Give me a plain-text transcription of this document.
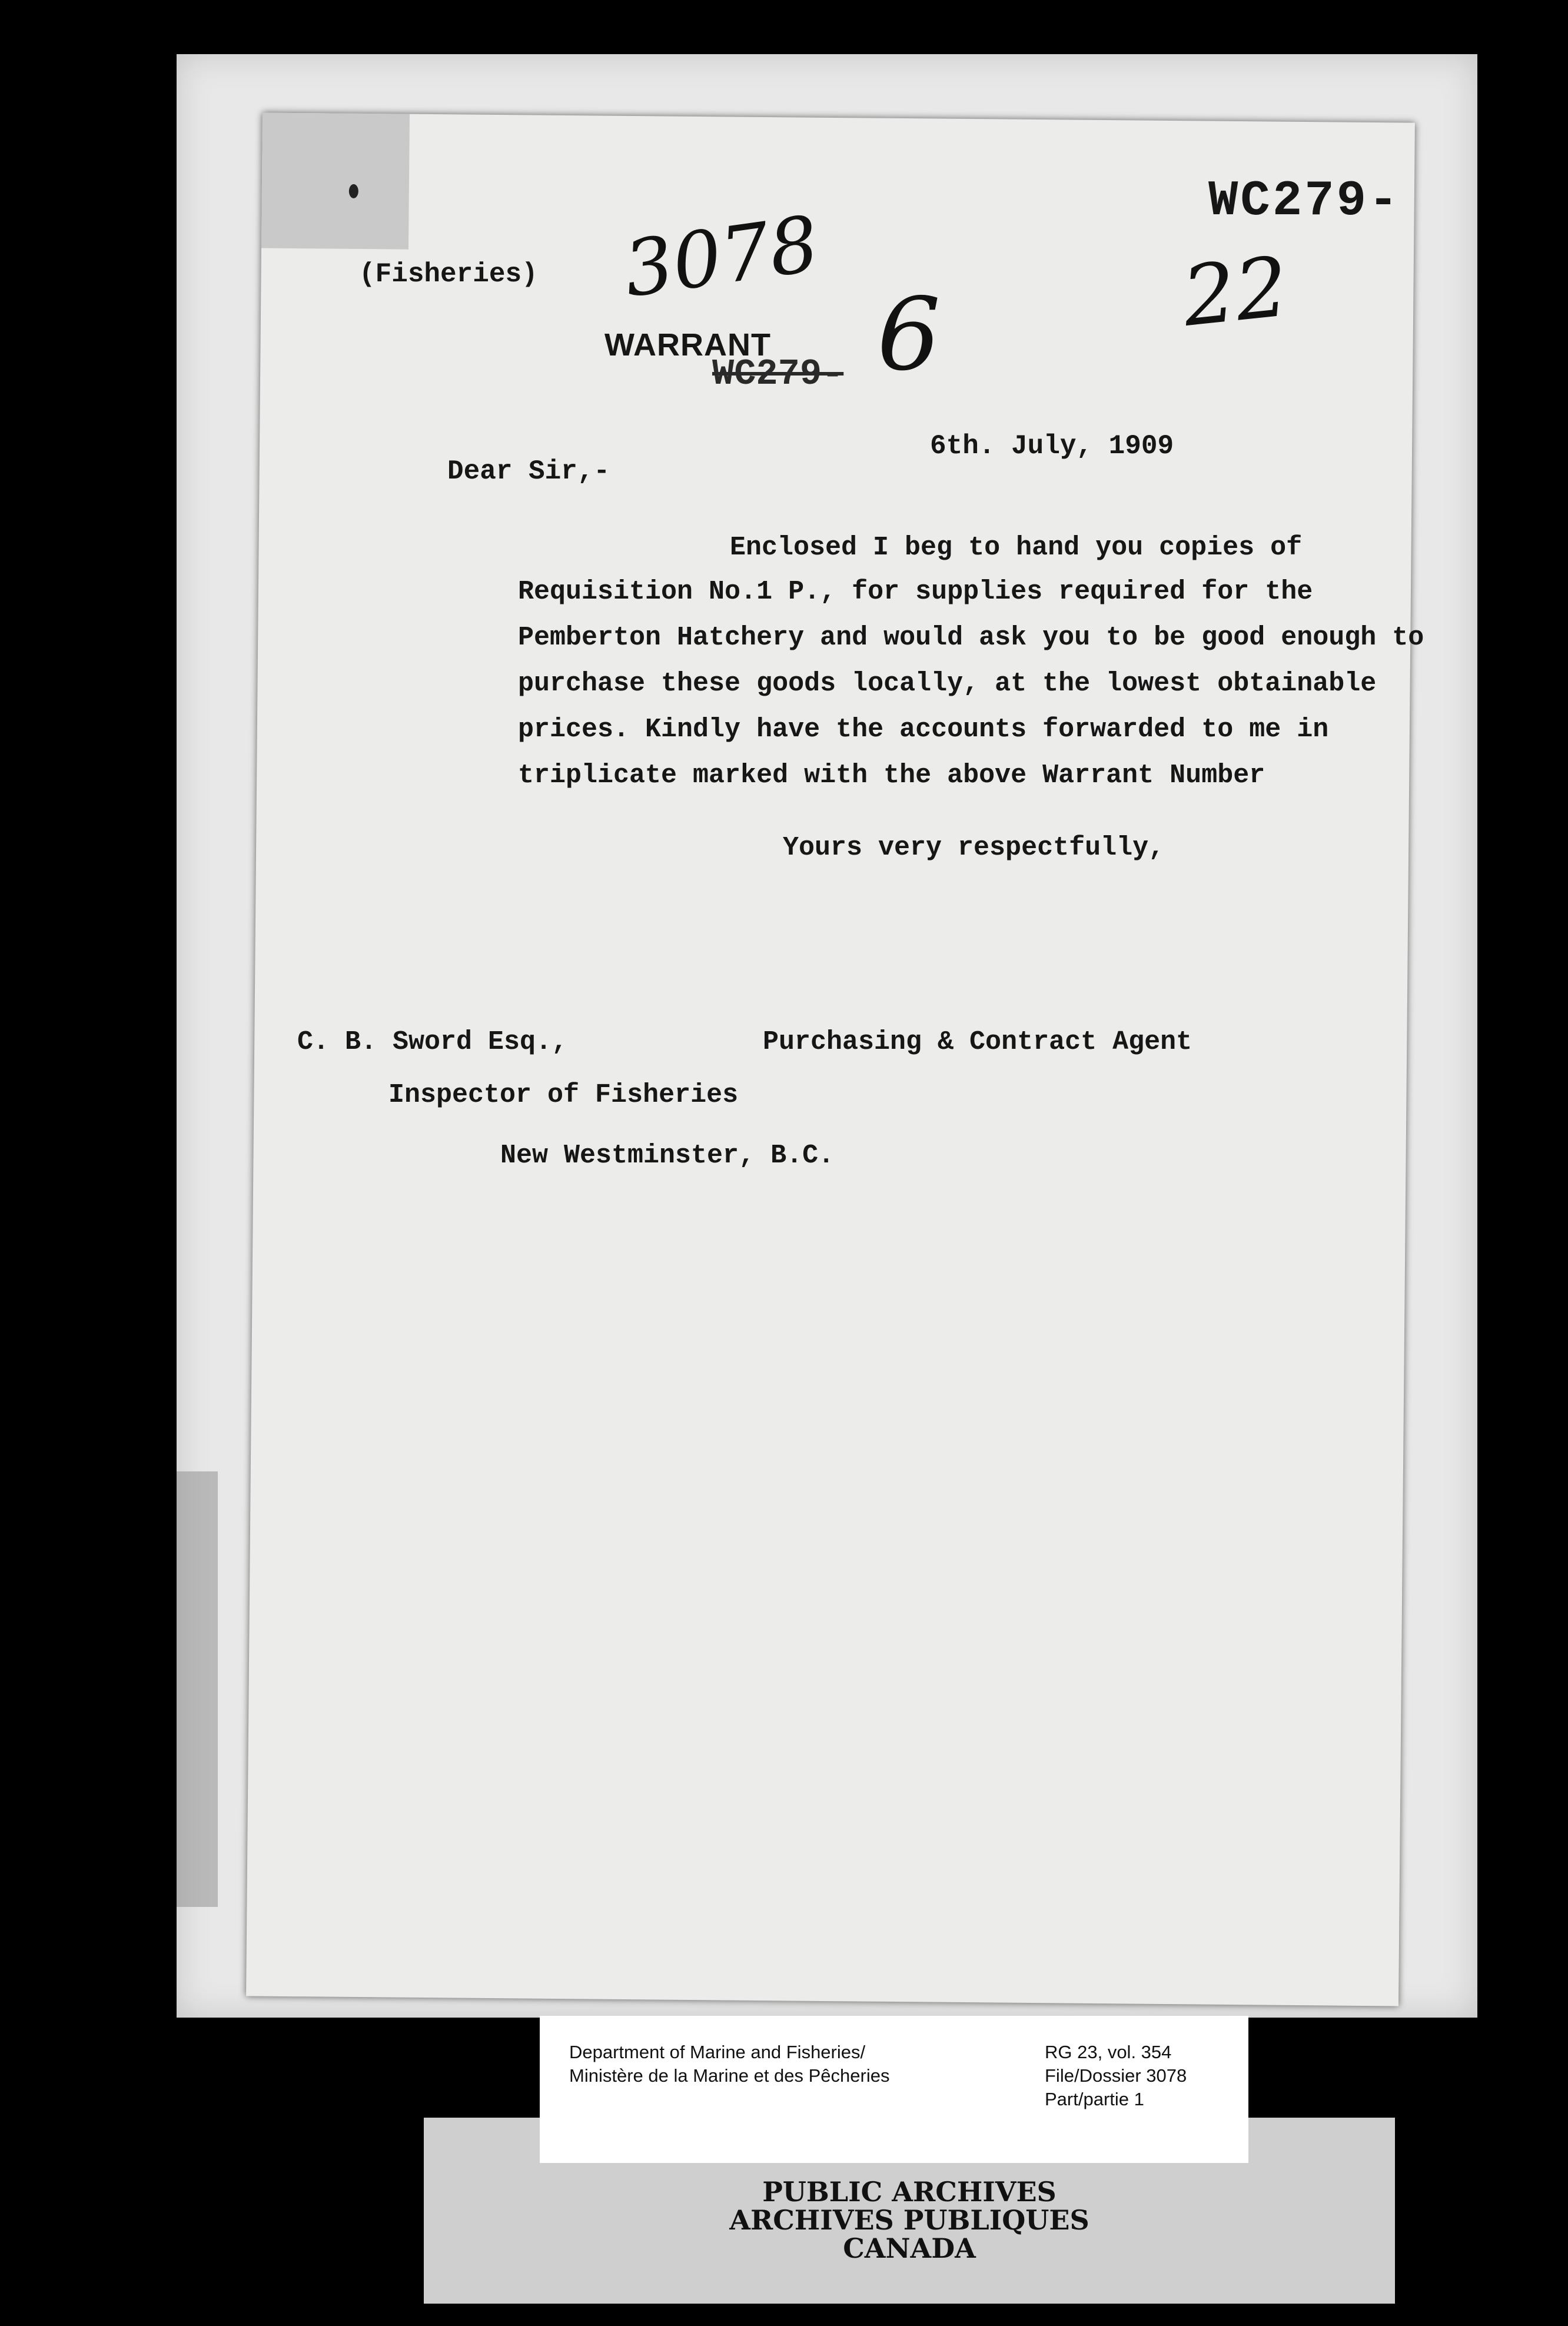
(Fisheries)
WARRANT
WC279-
WC279-
3078
6	22
6th. July, 1909
Dear Sir,-
Enclosed I beg to hand you copies of
Requisition No.1 P., for supplies required for the
Pemberton Hatchery and would ask you to be good enough to
purchase these goods locally, at the lowest obtainable
prices. Kindly have the accounts forwarded to me in
triplicate marked with the above Warrant Number
Yours very respectfully,
Purchasing & Contract Agent
C. B. Sword Esq.,
Inspector of Fisheries
New Westminster, B.C.
Department of Marine and Fisheries/
Ministère de la Marine et des Pêcheries
RG 23, vol. 354
File/Dossier 3078
Part/partie 1
PUBLIC ARCHIVES
ARCHIVES PUBLIQUES
CANADA
